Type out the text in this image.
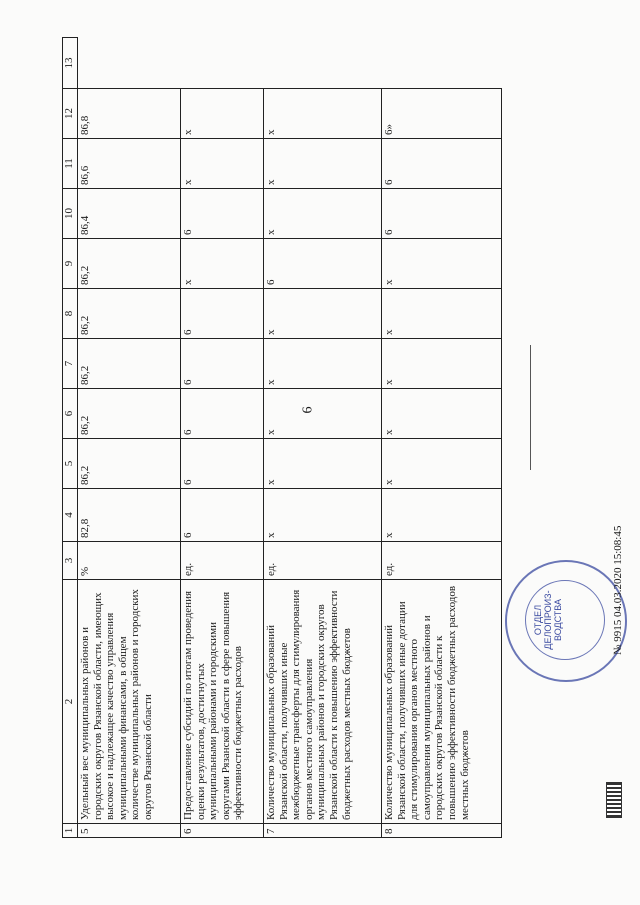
6
1	2	3	4	5	6	7	8	9	10	11	12	13
5	Удельный вес муниципальных районов и городских округов Рязанской области, имеющих высокое и надлежащее качество управления муниципальными финансами, в общем количестве муниципальных районов и городских округов Рязанской области	%	82,8	86,2	86,2	86,2	86,2	86,2	86,4	86,6	86,8	
6	Предоставление субсидий по итогам проведения оценки результатов, достигнутых муниципальными районами и городскими округами Рязанской области в сфере повышения эффективности бюджетных расходов	ед.	6	6	6	6	6	х	6	х	х	
7	Количество муниципальных образований Рязанской области, получивших иные межбюджетные трансферты для стимулирования органов местного самоуправления муниципальных районов и городских округов Рязанской области к повышению эффективности бюджетных расходов местных бюджетов	ед.	х	х	х	х	х	6	х	х	х	
8	Количество муниципальных образований Рязанской области, получивших иные дотации для стимулирования органов местного самоуправления муниципальных районов и городских округов Рязанской области к повышению эффективности бюджетных расходов местных бюджетов	ед.	х	х	х	х	х	х	6	6	6»	
ОТДЕЛ ДЕЛОПРОИЗ-ВОДСТВА	№ 9915 04.03.2020 15:08:45
